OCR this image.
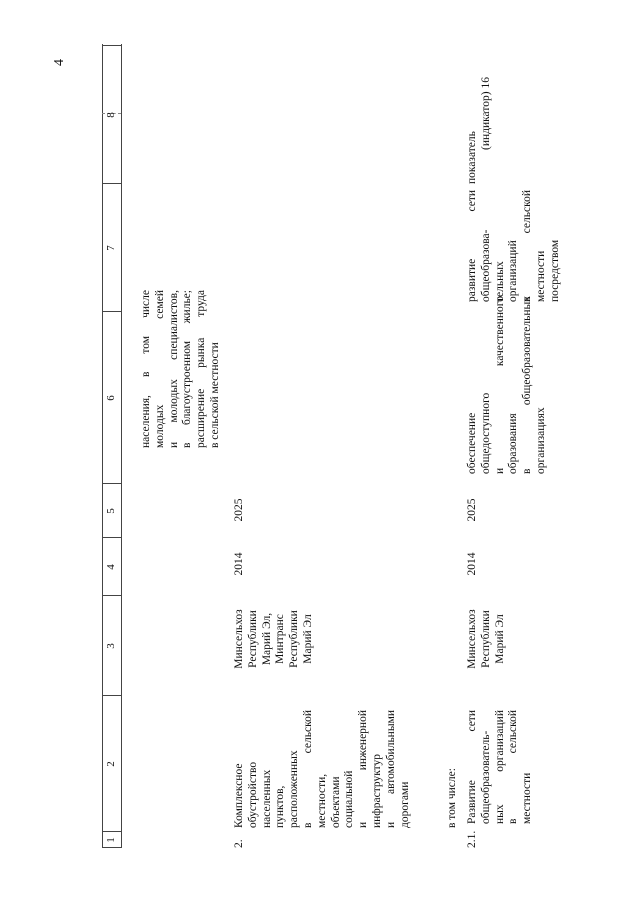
4
1
2
3
4
5
6
7
8

населения, в том числе молодых семей и молодых специалистов, в благоустроенном жилье; расширение рынка труда в сельской местности

2.

Комплексное обустройство населенных пунктов, расположенных в сельской местности, объектами социальной и инженерной инфраструктур и автомобильными дорогами

Минсельхоз Республики Марий Эл, Минтранс Республики Марий Эл

2014
2025
в том числе:
2.1.

Развитие сети общеобразователь- ных организаций в сельской местности

Минсельхоз Республики Марий Эл

2014
2025

обеспечение общедоступного и качественного образования в общеобразовательных организациях

развитие сети общеобразова- тельных организаций в сельской местности посредством

показатель

(индикатор) 16
